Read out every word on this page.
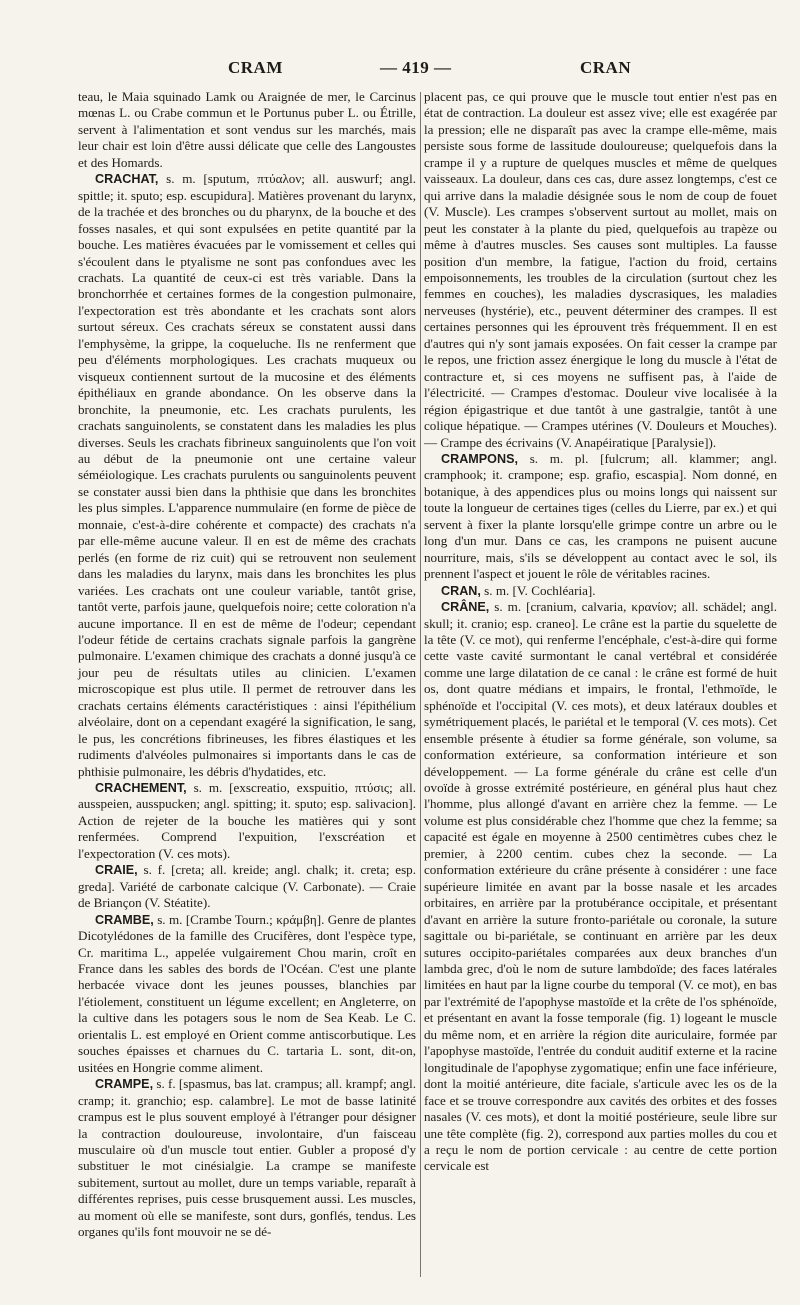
CRAM	— 419 —	CRAN

teau, le Maia squinado Lamk ou Araignée de mer, le Carcinus mœnas L. ou Crabe commun et le Portunus puber L. ou Étrille, servent à l'alimentation et sont vendus sur les marchés, mais leur chair est loin d'être aussi délicate que celle des Langoustes et des Homards.

CRACHAT, s. m. [sputum, πτύαλον; all. auswurf; angl. spittle; it. sputo; esp. escupidura]. Matières provenant du larynx, de la trachée et des bronches ou du pharynx, de la bouche et des fosses nasales, et qui sont expulsées en petite quantité par la bouche. Les matières évacuées par le vomissement et celles qui s'écoulent dans le ptyalisme ne sont pas confondues avec les crachats. La quantité de ceux-ci est très variable. Dans la bronchorrhée et certaines formes de la congestion pulmonaire, l'expectoration est très abondante et les crachats sont alors surtout séreux. Ces crachats séreux se constatent aussi dans l'emphysème, la grippe, la coqueluche. Ils ne renferment que peu d'éléments morphologiques. Les crachats muqueux ou visqueux contiennent surtout de la mucosine et des éléments épithéliaux en grande abondance. On les observe dans la bronchite, la pneumonie, etc. Les crachats purulents, les crachats sanguinolents, se constatent dans les maladies les plus diverses. Seuls les crachats fibrineux sanguinolents que l'on voit au début de la pneumonie ont une certaine valeur séméiologique. Les crachats purulents ou sanguinolents peuvent se constater aussi bien dans la phthisie que dans les bronchites les plus simples. L'apparence nummulaire (en forme de pièce de monnaie, c'est-à-dire cohérente et compacte) des crachats n'a par elle-même aucune valeur. Il en est de même des crachats perlés (en forme de riz cuit) qui se retrouvent non seulement dans les maladies du larynx, mais dans les bronchites les plus variées. Les crachats ont une couleur variable, tantôt grise, tantôt verte, parfois jaune, quelquefois noire; cette coloration n'a aucune importance. Il en est de même de l'odeur; cependant l'odeur fétide de certains crachats signale parfois la gangrène pulmonaire. L'examen chimique des crachats a donné jusqu'à ce jour peu de résultats utiles au clinicien. L'examen microscopique est plus utile. Il permet de retrouver dans les crachats certains éléments caractéristiques : ainsi l'épithélium alvéolaire, dont on a cependant exagéré la signification, le sang, le pus, les concrétions fibrineuses, les fibres élastiques et les rudiments d'alvéoles pulmonaires si importants dans le cas de phthisie pulmonaire, les débris d'hydatides, etc.

CRACHEMENT, s. m. [exscreatio, exspuitio, πτύσις; all. ausspeien, ausspucken; angl. spitting; it. sputo; esp. salivacion]. Action de rejeter de la bouche les matières qui y sont renfermées. Comprend l'expuition, l'exscréation et l'expectoration (V. ces mots).

CRAIE, s. f. [creta; all. kreide; angl. chalk; it. creta; esp. greda]. Variété de carbonate calcique (V. Carbonate). — Craie de Briançon (V. Stéatite).

CRAMBE, s. m. [Crambe Tourn.; κράμβη]. Genre de plantes Dicotylédones de la famille des Crucifères, dont l'espèce type, Cr. maritima L., appelée vulgairement Chou marin, croît en France dans les sables des bords de l'Océan. C'est une plante herbacée vivace dont les jeunes pousses, blanchies par l'étiolement, constituent un légume excellent; en Angleterre, on la cultive dans les potagers sous le nom de Sea Keab. Le C. orientalis L. est employé en Orient comme antiscorbutique. Les souches épaisses et charnues du C. tartaria L. sont, dit-on, usitées en Hongrie comme aliment.

CRAMPE, s. f. [spasmus, bas lat. crampus; all. krampf; angl. cramp; it. granchio; esp. calambre]. Le mot de basse latinité crampus est le plus souvent employé à l'étranger pour désigner la contraction douloureuse, involontaire, d'un faisceau musculaire où d'un muscle tout entier. Gubler a proposé d'y substituer le mot cinésialgie. La crampe se manifeste subitement, surtout au mollet, dure un temps variable, reparaît à différentes reprises, puis cesse brusquement aussi. Les muscles, au moment où elle se manifeste, sont durs, gonflés, tendus. Les organes qu'ils font mouvoir ne se dé-

placent pas, ce qui prouve que le muscle tout entier n'est pas en état de contraction. La douleur est assez vive; elle est exagérée par la pression; elle ne disparaît pas avec la crampe elle-même, mais persiste sous forme de lassitude douloureuse; quelquefois dans la crampe il y a rupture de quelques muscles et même de quelques vaisseaux. La douleur, dans ces cas, dure assez longtemps, c'est ce qui arrive dans la maladie désignée sous le nom de coup de fouet (V. Muscle). Les crampes s'observent surtout au mollet, mais on peut les constater à la plante du pied, quelquefois au trapèze ou même à d'autres muscles. Ses causes sont multiples. La fausse position d'un membre, la fatigue, l'action du froid, certains empoisonnements, les troubles de la circulation (surtout chez les femmes en couches), les maladies dyscrasiques, les maladies nerveuses (hystérie), etc., peuvent déterminer des crampes. Il est certaines personnes qui les éprouvent très fréquemment. Il en est d'autres qui n'y sont jamais exposées. On fait cesser la crampe par le repos, une friction assez énergique le long du muscle à l'état de contracture et, si ces moyens ne suffisent pas, à l'aide de l'électricité. — Crampes d'estomac. Douleur vive localisée à la région épigastrique et due tantôt à une gastralgie, tantôt à une colique hépatique. — Crampes utérines (V. Douleurs et Mouches). — Crampe des écrivains (V. Anapéiratique [Paralysie]).

CRAMPONS, s. m. pl. [fulcrum; all. klammer; angl. cramphook; it. crampone; esp. grafio, escaspia]. Nom donné, en botanique, à des appendices plus ou moins longs qui naissent sur toute la longueur de certaines tiges (celles du Lierre, par ex.) et qui servent à fixer la plante lorsqu'elle grimpe contre un arbre ou le long d'un mur. Dans ce cas, les crampons ne puisent aucune nourriture, mais, s'ils se développent au contact avec le sol, ils prennent l'aspect et jouent le rôle de véritables racines.

CRAN, s. m. [V. Cochléaria].

CRÂNE, s. m. [cranium, calvaria, κρανίον; all. schädel; angl. skull; it. cranio; esp. craneo]. Le crâne est la partie du squelette de la tête (V. ce mot), qui renferme l'encéphale, c'est-à-dire qui forme cette vaste cavité surmontant le canal vertébral et considérée comme une large dilatation de ce canal : le crâne est formé de huit os, dont quatre médians et impairs, le frontal, l'ethmoïde, le sphénoïde et l'occipital (V. ces mots), et deux latéraux doubles et symétriquement placés, le pariétal et le temporal (V. ces mots). Cet ensemble présente à étudier sa forme générale, son volume, sa conformation extérieure, sa conformation intérieure et son développement. — La forme générale du crâne est celle d'un ovoïde à grosse extrémité postérieure, en général plus haut chez l'homme, plus allongé d'avant en arrière chez la femme. — Le volume est plus considérable chez l'homme que chez la femme; sa capacité est égale en moyenne à 2500 centimètres cubes chez le premier, à 2200 centim. cubes chez la seconde. — La conformation extérieure du crâne présente à considérer : une face supérieure limitée en avant par la bosse nasale et les arcades orbitaires, en arrière par la protubérance occipitale, et présentant d'avant en arrière la suture fronto-pariétale ou coronale, la suture sagittale ou bi-pariétale, se continuant en arrière par les deux sutures occipito-pariétales comparées aux deux branches d'un lambda grec, d'où le nom de suture lambdoïde; des faces latérales limitées en haut par la ligne courbe du temporal (V. ce mot), en bas par l'extrémité de l'apophyse mastoïde et la crête de l'os sphénoïde, et présentant en avant la fosse temporale (fig. 1) logeant le muscle du même nom, et en arrière la région dite auriculaire, formée par l'apophyse mastoïde, l'entrée du conduit auditif externe et la racine longitudinale de l'apophyse zygomatique; enfin une face inférieure, dont la moitié antérieure, dite faciale, s'articule avec les os de la face et se trouve correspondre aux cavités des orbites et des fosses nasales (V. ces mots), et dont la moitié postérieure, seule libre sur une tête complète (fig. 2), correspond aux parties molles du cou et a reçu le nom de portion cervicale : au centre de cette portion cervicale est
